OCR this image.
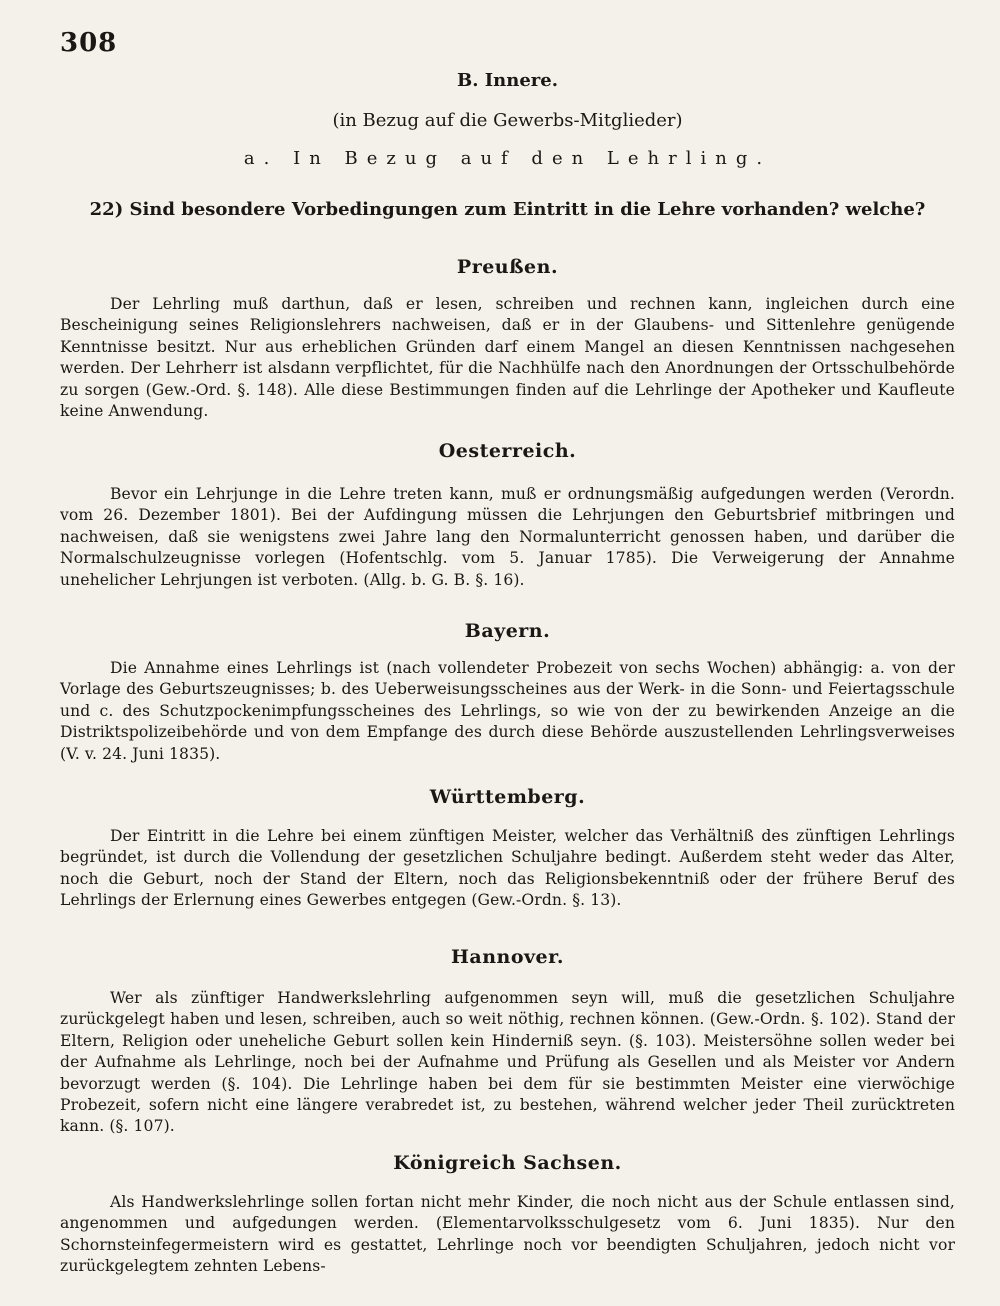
308
B. Innere.
(in Bezug auf die Gewerbs-Mitglieder)
a. In Bezug auf den Lehrling.
22) Sind besondere Vorbedingungen zum Eintritt in die Lehre vorhanden? welche?
Preußen.
Der Lehrling muß darthun, daß er lesen, schreiben und rechnen kann, ingleichen durch eine Bescheinigung seines Religionslehrers nachweisen, daß er in der Glaubens- und Sittenlehre genügende Kenntnisse besitzt. Nur aus erheblichen Gründen darf einem Mangel an diesen Kenntnissen nachgesehen werden. Der Lehrherr ist alsdann verpflichtet, für die Nachhülfe nach den Anordnungen der Ortsschulbehörde zu sorgen (Gew.-Ord. §. 148). Alle diese Bestimmungen finden auf die Lehrlinge der Apotheker und Kaufleute keine Anwendung.
Oesterreich.
Bevor ein Lehrjunge in die Lehre treten kann, muß er ordnungsmäßig aufgedungen werden (Verordn. vom 26. Dezember 1801). Bei der Aufdingung müssen die Lehrjungen den Geburtsbrief mitbringen und nachweisen, daß sie wenigstens zwei Jahre lang den Normalunterricht genossen haben, und darüber die Normalschulzeugnisse vorlegen (Hofentschlg. vom 5. Januar 1785). Die Verweigerung der Annahme unehelicher Lehrjungen ist verboten. (Allg. b. G. B. §. 16).
Bayern.
Die Annahme eines Lehrlings ist (nach vollendeter Probezeit von sechs Wochen) abhängig: a. von der Vorlage des Geburtszeugnisses; b. des Ueberweisungsscheines aus der Werk- in die Sonn- und Feiertagsschule und c. des Schutzpockenimpfungsscheines des Lehrlings, so wie von der zu bewirkenden Anzeige an die Distriktspolizeibehörde und von dem Empfange des durch diese Behörde auszustellenden Lehrlingsverweises (V. v. 24. Juni 1835).
Württemberg.
Der Eintritt in die Lehre bei einem zünftigen Meister, welcher das Verhältniß des zünftigen Lehrlings begründet, ist durch die Vollendung der gesetzlichen Schuljahre bedingt. Außerdem steht weder das Alter, noch die Geburt, noch der Stand der Eltern, noch das Religionsbekenntniß oder der frühere Beruf des Lehrlings der Erlernung eines Gewerbes entgegen (Gew.-Ordn. §. 13).
Hannover.
Wer als zünftiger Handwerkslehrling aufgenommen seyn will, muß die gesetzlichen Schuljahre zurückgelegt haben und lesen, schreiben, auch so weit nöthig, rechnen können. (Gew.-Ordn. §. 102). Stand der Eltern, Religion oder uneheliche Geburt sollen kein Hinderniß seyn. (§. 103). Meistersöhne sollen weder bei der Aufnahme als Lehrlinge, noch bei der Aufnahme und Prüfung als Gesellen und als Meister vor Andern bevorzugt werden (§. 104). Die Lehrlinge haben bei dem für sie bestimmten Meister eine vierwöchige Probezeit, sofern nicht eine längere verabredet ist, zu bestehen, während welcher jeder Theil zurücktreten kann. (§. 107).
Königreich Sachsen.
Als Handwerkslehrlinge sollen fortan nicht mehr Kinder, die noch nicht aus der Schule entlassen sind, angenommen und aufgedungen werden. (Elementarvolksschulgesetz vom 6. Juni 1835). Nur den Schornsteinfegermeistern wird es gestattet, Lehrlinge noch vor beendigten Schuljahren, jedoch nicht vor zurückgelegtem zehnten Lebens-
